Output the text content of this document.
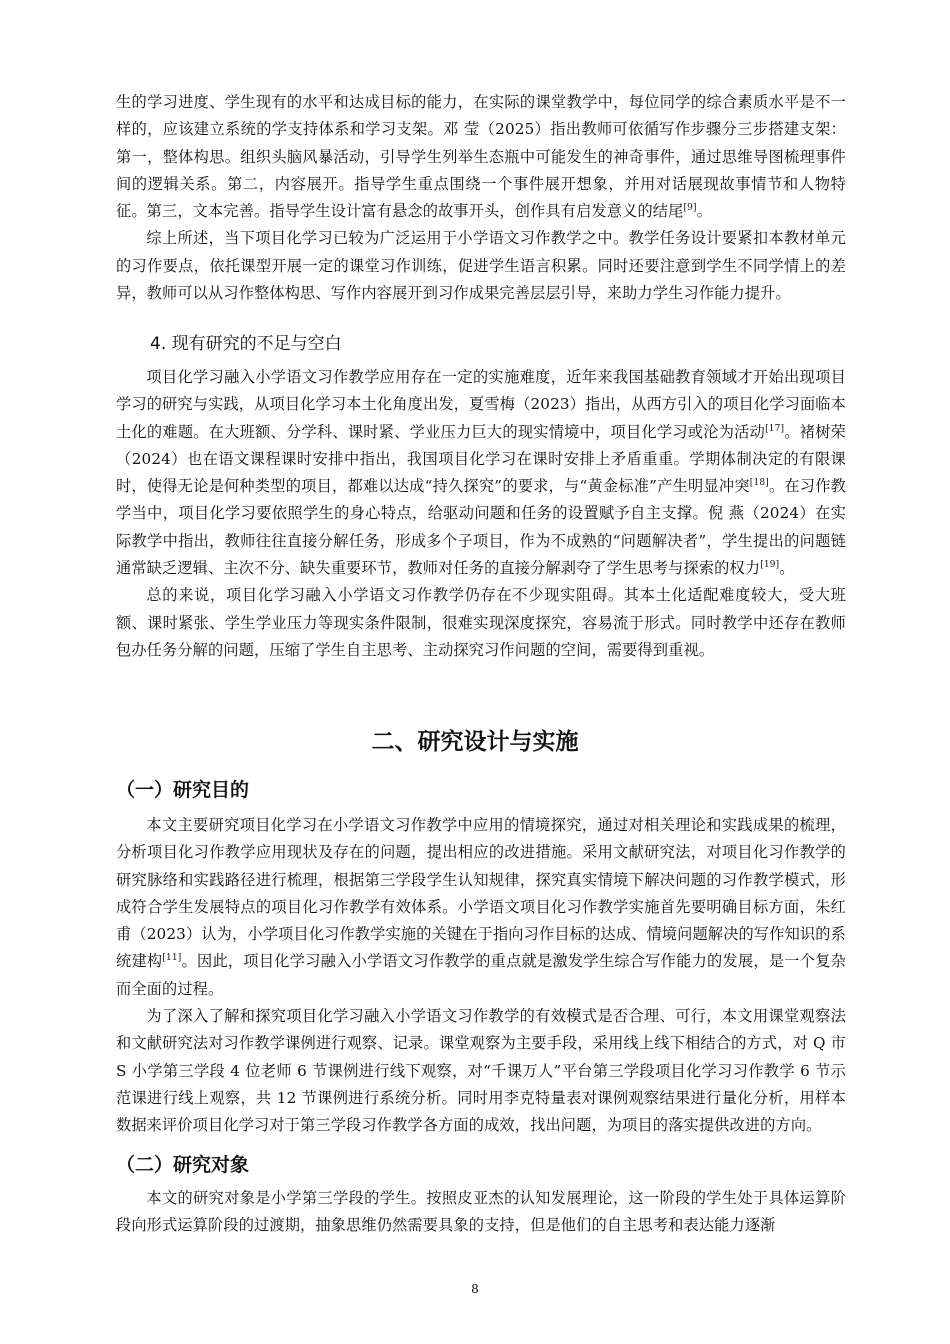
生的学习进度、学生现有的水平和达成目标的能力，在实际的课堂教学中，每位同学的综合素质水平是不一样的，应该建立系统的学支持体系和学习支架。邓 莹（2025）指出教师可依循写作步骤分三步搭建支架：第一，整体构思。组织头脑风暴活动，引导学生列举生态瓶中可能发生的神奇事件，通过思维导图梳理事件间的逻辑关系。第二，内容展开。指导学生重点围绕一个事件展开想象，并用对话展现故事情节和人物特征。第三，文本完善。指导学生设计富有悬念的故事开头，创作具有启发意义的结尾[9]。

综上所述，当下项目化学习已较为广泛运用于小学语文习作教学之中。教学任务设计要紧扣本教材单元的习作要点，依托课型开展一定的课堂习作训练，促进学生语言积累。同时还要注意到学生不同学情上的差异，教师可以从习作整体构思、写作内容展开到习作成果完善层层引导，来助力学生习作能力提升。

4. 现有研究的不足与空白

项目化学习融入小学语文习作教学应用存在一定的实施难度，近年来我国基础教育领域才开始出现项目学习的研究与实践，从项目化学习本土化角度出发，夏雪梅（2023）指出，从西方引入的项目化学习面临本土化的难题。在大班额、分学科、课时紧、学业压力巨大的现实情境中，项目化学习或沦为活动[17]。褚树荣（2024）也在语文课程课时安排中指出，我国项目化学习在课时安排上矛盾重重。学期体制决定的有限课时，使得无论是何种类型的项目，都难以达成“持久探究”的要求，与“黄金标准”产生明显冲突[18]。在习作教学当中，项目化学习要依照学生的身心特点，给驱动问题和任务的设置赋予自主支撑。倪 燕（2024）在实际教学中指出，教师往往直接分解任务，形成多个子项目，作为不成熟的“问题解决者”，学生提出的问题链通常缺乏逻辑、主次不分、缺失重要环节，教师对任务的直接分解剥夺了学生思考与探索的权力[19]。

总的来说，项目化学习融入小学语文习作教学仍存在不少现实阻碍。其本土化适配难度较大，受大班额、课时紧张、学生学业压力等现实条件限制，很难实现深度探究，容易流于形式。同时教学中还存在教师包办任务分解的问题，压缩了学生自主思考、主动探究习作问题的空间，需要得到重视。

二、研究设计与实施
（一）研究目的

本文主要研究项目化学习在小学语文习作教学中应用的情境探究，通过对相关理论和实践成果的梳理，分析项目化习作教学应用现状及存在的问题，提出相应的改进措施。采用文献研究法，对项目化习作教学的研究脉络和实践路径进行梳理，根据第三学段学生认知规律，探究真实情境下解决问题的习作教学模式，形成符合学生发展特点的项目化习作教学有效体系。小学语文项目化习作教学实施首先要明确目标方面，朱红甫（2023）认为，小学项目化习作教学实施的关键在于指向习作目标的达成、情境问题解决的写作知识的系统建构[11]。因此，项目化学习融入小学语文习作教学的重点就是激发学生综合写作能力的发展，是一个复杂而全面的过程。

为了深入了解和探究项目化学习融入小学语文习作教学的有效模式是否合理、可行，本文用课堂观察法和文献研究法对习作教学课例进行观察、记录。课堂观察为主要手段，采用线上线下相结合的方式，对 Q 市 S 小学第三学段 4 位老师 6 节课例进行线下观察，对“千课万人”平台第三学段项目化学习习作教学 6 节示范课进行线上观察，共 12 节课例进行系统分析。同时用李克特量表对课例观察结果进行量化分析，用样本数据来评价项目化学习对于第三学段习作教学各方面的成效，找出问题，为项目的落实提供改进的方向。

（二）研究对象

本文的研究对象是小学第三学段的学生。按照皮亚杰的认知发展理论，这一阶段的学生处于具体运算阶段向形式运算阶段的过渡期，抽象思维仍然需要具象的支持，但是他们的自主思考和表达能力逐渐

8
